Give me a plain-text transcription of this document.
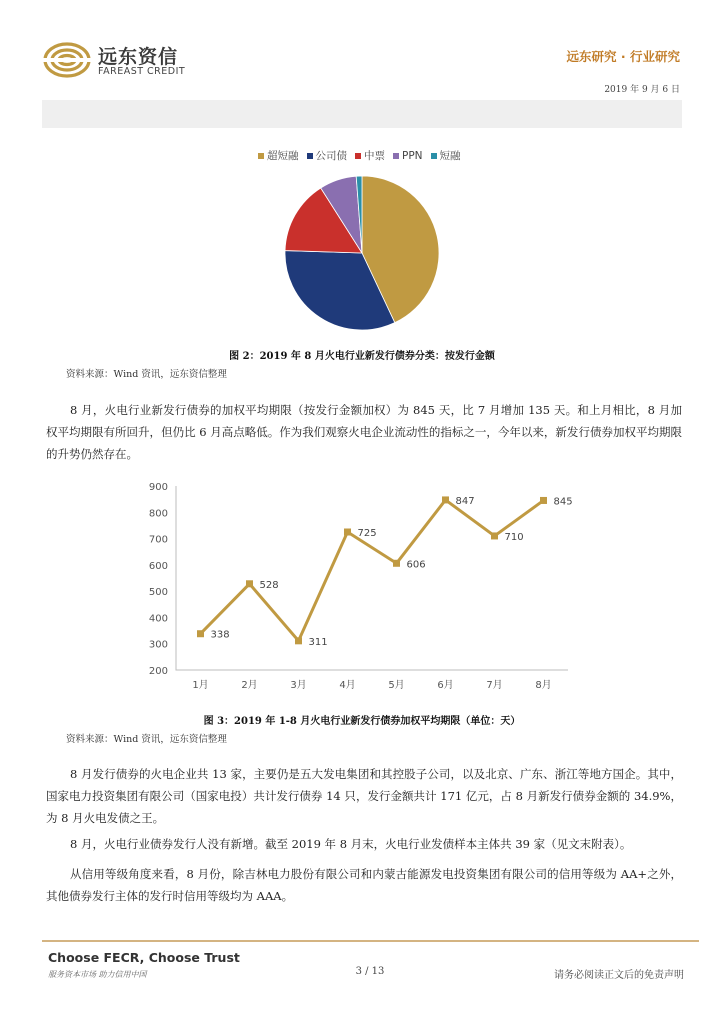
远东资信
FAREAST CREDIT
远东研究 · 行业研究
2019 年 9 月 6 日
超短融 公司债 中票 PPN 短融
图 2：2019 年 8 月火电行业新发行债券分类：按发行金额
资料来源：Wind 资讯，远东资信整理
8 月，火电行业新发行债券的加权平均期限（按发行金额加权）为 845 天，比 7 月增加 135 天。和上月相比，8 月加权平均期限有所回升，但仍比 6 月高点略低。作为我们观察火电企业流动性的指标之一，今年以来，新发行债券加权平均期限的升势仍然存在。
900
800
700
600
500
400
300
200
1月	2月	3月	4月	5月	6月	7月	8月
338
528
311
725
606
847
710
845
图 3：2019 年 1-8 月火电行业新发行债券加权平均期限（单位：天）
资料来源：Wind 资讯，远东资信整理
8 月发行债券的火电企业共 13 家，主要仍是五大发电集团和其控股子公司，以及北京、广东、浙江等地方国企。其中，国家电力投资集团有限公司（国家电投）共计发行债券 14 只，发行金额共计 171 亿元，占 8 月新发行债券金额的 34.9%，为 8 月火电发债之王。
8 月，火电行业债券发行人没有新增。截至 2019 年 8 月末，火电行业发债样本主体共 39 家（见文末附表）。
从信用等级角度来看，8 月份，除吉林电力股份有限公司和内蒙古能源发电投资集团有限公司的信用等级为 AA+之外，其他债券发行主体的发行时信用等级均为 AAA。
Choose FECR, Choose Trust
服务资本市场 助力信用中国	3 / 13	请务必阅读正文后的免责声明
